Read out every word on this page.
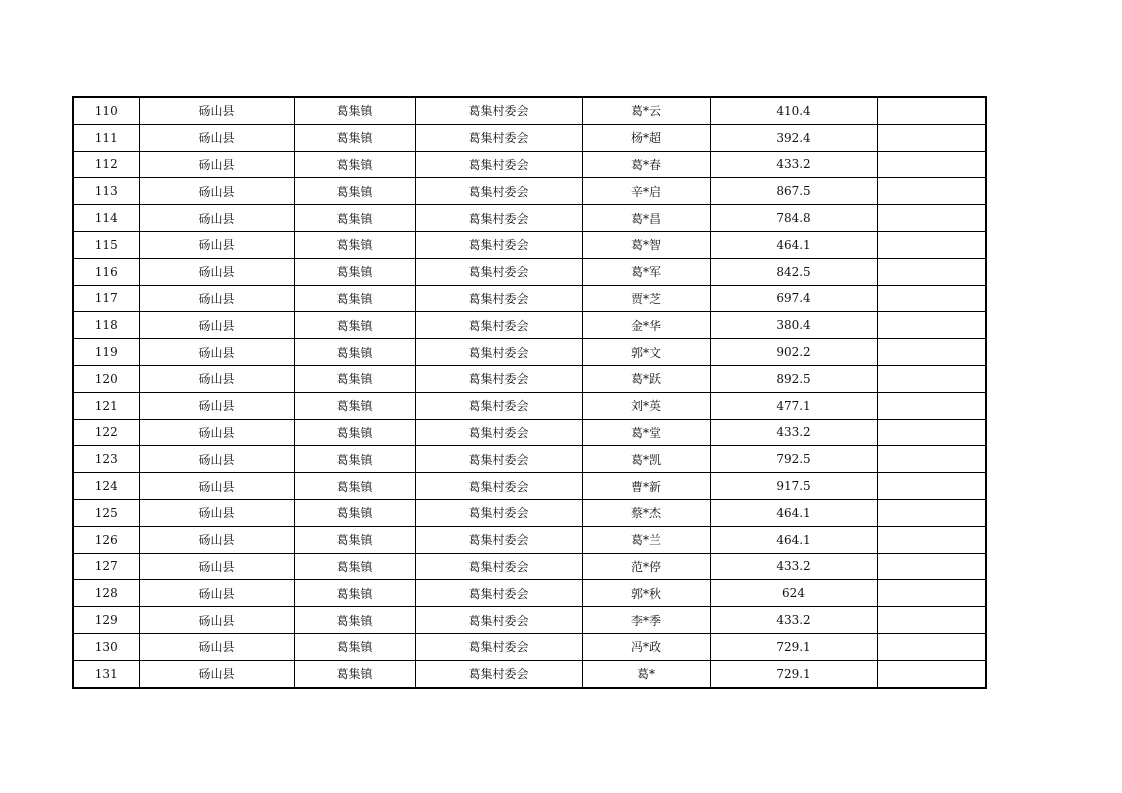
110	砀山县	葛集镇	葛集村委会	葛*云	410.4	
111	砀山县	葛集镇	葛集村委会	杨*超	392.4	
112	砀山县	葛集镇	葛集村委会	葛*春	433.2	
113	砀山县	葛集镇	葛集村委会	辛*启	867.5	
114	砀山县	葛集镇	葛集村委会	葛*昌	784.8	
115	砀山县	葛集镇	葛集村委会	葛*智	464.1	
116	砀山县	葛集镇	葛集村委会	葛*军	842.5	
117	砀山县	葛集镇	葛集村委会	贾*芝	697.4	
118	砀山县	葛集镇	葛集村委会	金*华	380.4	
119	砀山县	葛集镇	葛集村委会	郭*文	902.2	
120	砀山县	葛集镇	葛集村委会	葛*跃	892.5	
121	砀山县	葛集镇	葛集村委会	刘*英	477.1	
122	砀山县	葛集镇	葛集村委会	葛*堂	433.2	
123	砀山县	葛集镇	葛集村委会	葛*凯	792.5	
124	砀山县	葛集镇	葛集村委会	曹*新	917.5	
125	砀山县	葛集镇	葛集村委会	蔡*杰	464.1	
126	砀山县	葛集镇	葛集村委会	葛*兰	464.1	
127	砀山县	葛集镇	葛集村委会	范*停	433.2	
128	砀山县	葛集镇	葛集村委会	郭*秋	624	
129	砀山县	葛集镇	葛集村委会	李*季	433.2	
130	砀山县	葛集镇	葛集村委会	冯*政	729.1	
131	砀山县	葛集镇	葛集村委会	葛*	729.1	
